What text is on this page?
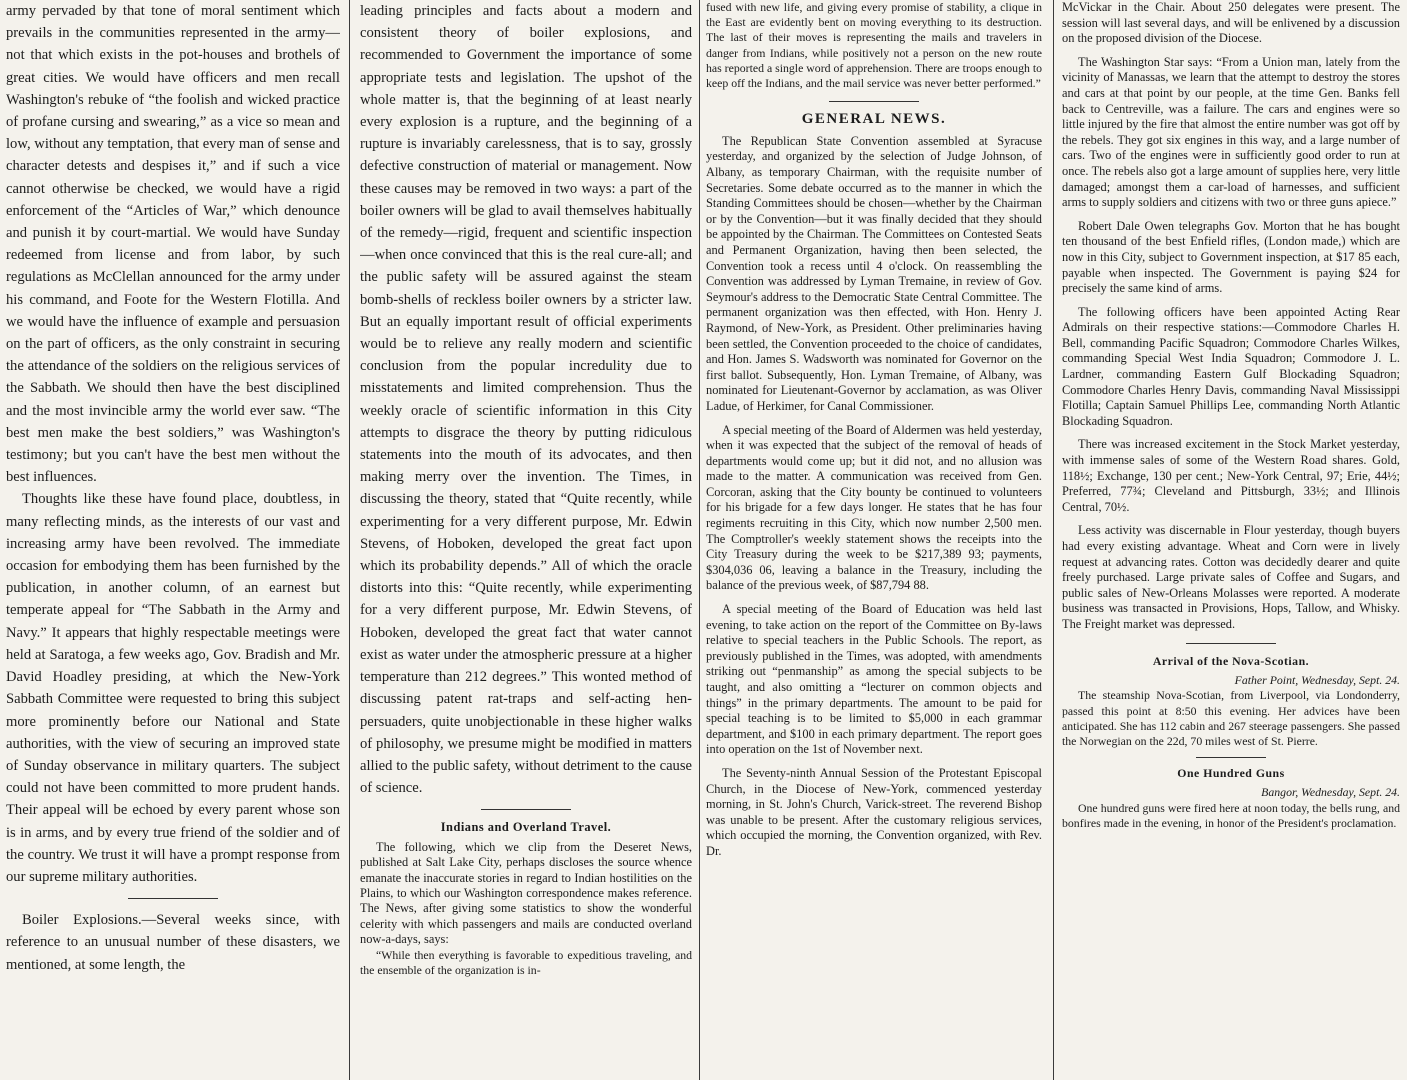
army pervaded by that tone of moral sentiment which prevails in the communities represented in the army—not that which exists in the pot-houses and brothels of great cities. We would have officers and men recall Washington's rebuke of “the foolish and wicked practice of profane cursing and swearing,” as a vice so mean and low, without any temptation, that every man of sense and character detests and despises it,” and if such a vice cannot otherwise be checked, we would have a rigid enforcement of the “Articles of War,” which denounce and punish it by court-martial. We would have Sunday redeemed from license and from labor, by such regulations as McClellan announced for the army under his command, and Foote for the Western Flotilla. And we would have the influence of example and persuasion on the part of officers, as the only constraint in securing the attendance of the soldiers on the religious services of the Sabbath. We should then have the best disciplined and the most invincible army the world ever saw. “The best men make the best soldiers,” was Washington's testimony; but you can't have the best men without the best influences.

Thoughts like these have found place, doubtless, in many reflecting minds, as the interests of our vast and increasing army have been revolved. The immediate occasion for embodying them has been furnished by the publication, in another column, of an earnest but temperate appeal for “The Sabbath in the Army and Navy.” It appears that highly respectable meetings were held at Saratoga, a few weeks ago, Gov. Bradish and Mr. David Hoadley presiding, at which the New-York Sabbath Committee were requested to bring this subject more prominently before our National and State authorities, with the view of securing an improved state of Sunday observance in military quarters. The subject could not have been committed to more prudent hands. Their appeal will be echoed by every parent whose son is in arms, and by every true friend of the soldier and of the country. We trust it will have a prompt response from our supreme military authorities.

Boiler Explosions.—Several weeks since, with reference to an unusual number of these disasters, we mentioned, at some length, the

leading principles and facts about a modern and consistent theory of boiler explosions, and recommended to Government the importance of some appropriate tests and legislation. The upshot of the whole matter is, that the beginning of at least nearly every explosion is a rupture, and the beginning of a rupture is invariably carelessness, that is to say, grossly defective construction of material or management. Now these causes may be removed in two ways: a part of the boiler owners will be glad to avail themselves habitually of the remedy—rigid, frequent and scientific inspection—when once convinced that this is the real cure-all; and the public safety will be assured against the steam bomb-shells of reckless boiler owners by a stricter law. But an equally important result of official experiments would be to relieve any really modern and scientific conclusion from the popular incredulity due to misstatements and limited comprehension. Thus the weekly oracle of scientific information in this City attempts to disgrace the theory by putting ridiculous statements into the mouth of its advocates, and then making merry over the invention. The Times, in discussing the theory, stated that “Quite recently, while experimenting for a very different purpose, Mr. Edwin Stevens, of Hoboken, developed the great fact upon which its probability depends.” All of which the oracle distorts into this: “Quite recently, while experimenting for a very different purpose, Mr. Edwin Stevens, of Hoboken, developed the great fact that water cannot exist as water under the atmospheric pressure at a higher temperature than 212 degrees.” This wonted method of discussing patent rat-traps and self-acting hen-persuaders, quite unobjectionable in these higher walks of philosophy, we presume might be modified in matters allied to the public safety, without detriment to the cause of science.

Indians and Overland Travel.

The following, which we clip from the Deseret News, published at Salt Lake City, perhaps discloses the source whence emanate the inaccurate stories in regard to Indian hostilities on the Plains, to which our Washington correspondence makes reference. The News, after giving some statistics to show the wonderful celerity with which passengers and mails are conducted overland now-a-days, says:

“While then everything is favorable to expeditious traveling, and the ensemble of the organization is in-

fused with new life, and giving every promise of stability, a clique in the East are evidently bent on moving everything to its destruction. The last of their moves is representing the mails and travelers in danger from Indians, while positively not a person on the new route has reported a single word of apprehension. There are troops enough to keep off the Indians, and the mail service was never better performed.”

GENERAL NEWS.

The Republican State Convention assembled at Syracuse yesterday, and organized by the selection of Judge Johnson, of Albany, as temporary Chairman, with the requisite number of Secretaries. Some debate occurred as to the manner in which the Standing Committees should be chosen—whether by the Chairman or by the Convention—but it was finally decided that they should be appointed by the Chairman. The Committees on Contested Seats and Permanent Organization, having then been selected, the Convention took a recess until 4 o'clock. On reassembling the Convention was addressed by Lyman Tremaine, in review of Gov. Seymour's address to the Democratic State Central Committee. The permanent organization was then effected, with Hon. Henry J. Raymond, of New-York, as President. Other preliminaries having been settled, the Convention proceeded to the choice of candidates, and Hon. James S. Wadsworth was nominated for Governor on the first ballot. Subsequently, Hon. Lyman Tremaine, of Albany, was nominated for Lieutenant-Governor by acclamation, as was Oliver Ladue, of Herkimer, for Canal Commissioner.

A special meeting of the Board of Aldermen was held yesterday, when it was expected that the subject of the removal of heads of departments would come up; but it did not, and no allusion was made to the matter. A communication was received from Gen. Corcoran, asking that the City bounty be continued to volunteers for his brigade for a few days longer. He states that he has four regiments recruiting in this City, which now number 2,500 men. The Comptroller's weekly statement shows the receipts into the City Treasury during the week to be $217,389 93; payments, $304,036 06, leaving a balance in the Treasury, including the balance of the previous week, of $87,794 88.

A special meeting of the Board of Education was held last evening, to take action on the report of the Committee on By-laws relative to special teachers in the Public Schools. The report, as previously published in the Times, was adopted, with amendments striking out “penmanship” as among the special subjects to be taught, and also omitting a “lecturer on common objects and things” in the primary departments. The amount to be paid for special teaching is to be limited to $5,000 in each grammar department, and $100 in each primary department. The report goes into operation on the 1st of November next.

The Seventy-ninth Annual Session of the Protestant Episcopal Church, in the Diocese of New-York, commenced yesterday morning, in St. John's Church, Varick-street. The reverend Bishop was unable to be present. After the customary religious services, which occupied the morning, the Convention organized, with Rev. Dr.

McVickar in the Chair. About 250 delegates were present. The session will last several days, and will be enlivened by a discussion on the proposed division of the Diocese.

The Washington Star says: “From a Union man, lately from the vicinity of Manassas, we learn that the attempt to destroy the stores and cars at that point by our people, at the time Gen. Banks fell back to Centreville, was a failure. The cars and engines were so little injured by the fire that almost the entire number was got off by the rebels. They got six engines in this way, and a large number of cars. Two of the engines were in sufficiently good order to run at once. The rebels also got a large amount of supplies here, very little damaged; amongst them a car-load of harnesses, and sufficient arms to supply soldiers and citizens with two or three guns apiece.”

Robert Dale Owen telegraphs Gov. Morton that he has bought ten thousand of the best Enfield rifles, (London made,) which are now in this City, subject to Government inspection, at $17 85 each, payable when inspected. The Government is paying $24 for precisely the same kind of arms.

The following officers have been appointed Acting Rear Admirals on their respective stations:—Commodore Charles H. Bell, commanding Pacific Squadron; Commodore Charles Wilkes, commanding Special West India Squadron; Commodore J. L. Lardner, commanding Eastern Gulf Blockading Squadron; Commodore Charles Henry Davis, commanding Naval Mississippi Flotilla; Captain Samuel Phillips Lee, commanding North Atlantic Blockading Squadron.

There was increased excitement in the Stock Market yesterday, with immense sales of some of the Western Road shares. Gold, 118½; Exchange, 130 per cent.; New-York Central, 97; Erie, 44½; Preferred, 77¾; Cleveland and Pittsburgh, 33½; and Illinois Central, 70½.

Less activity was discernable in Flour yesterday, though buyers had every existing advantage. Wheat and Corn were in lively request at advancing rates. Cotton was decidedly dearer and quite freely purchased. Large private sales of Coffee and Sugars, and public sales of New-Orleans Molasses were reported. A moderate business was transacted in Provisions, Hops, Tallow, and Whisky. The Freight market was depressed.

Arrival of the Nova-Scotian.

Father Point, Wednesday, Sept. 24.

The steamship Nova-Scotian, from Liverpool, via Londonderry, passed this point at 8:50 this evening. Her advices have been anticipated. She has 112 cabin and 267 steerage passengers. She passed the Norwegian on the 22d, 70 miles west of St. Pierre.

One Hundred Guns

Bangor, Wednesday, Sept. 24.

One hundred guns were fired here at noon today, the bells rung, and bonfires made in the evening, in honor of the President's proclamation.
